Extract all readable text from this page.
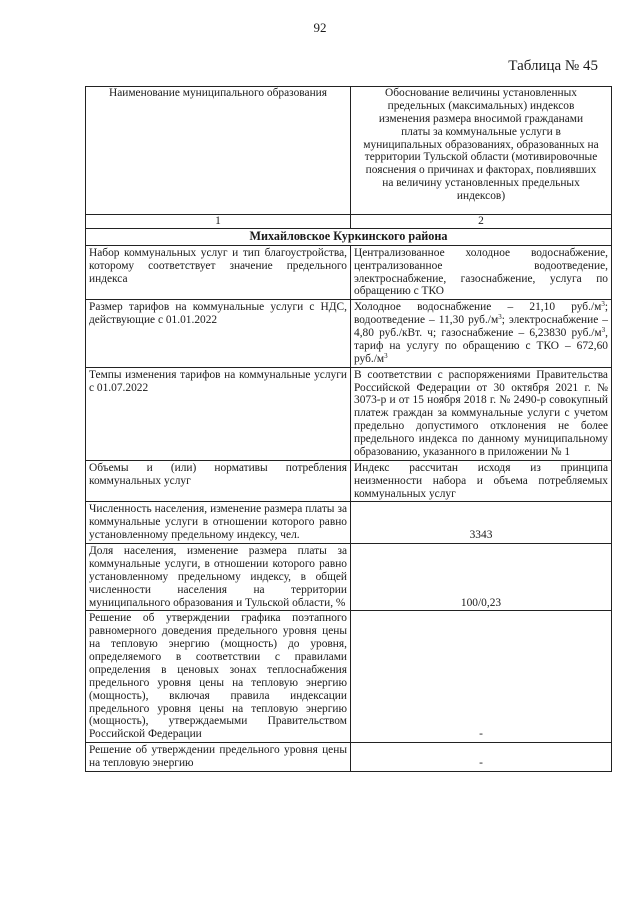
92
Таблица № 45
Наименование муниципального образования	Обоснование величины установленных предельных (максимальных) индексов изменения размера вносимой гражданами платы за коммунальные услуги в муниципальных образованиях, образованных на территории Тульской области (мотивировочные пояснения о причинах и факторах, повлиявших на величину установленных предельных индексов)
1	2
Михайловское Куркинского района	
Набор коммунальных услуг и тип благоустройства, которому соответствует значение предельного индекса	Централизованное холодное водоснабжение, централизованное водоотведение, электроснабжение, газоснабжение, услуга по обращению с ТКО
Размер тарифов на коммунальные услуги с НДС, действующие с 01.01.2022	Холодное водоснабжение – 21,10 $руб./м^3$; водоотведение – 11,30 $руб./м^3$; электроснабжение – 4,80 руб./кВт. ч; газоснабжение – 6,23830 $руб./м^3$, тариф на услугу по обращению с ТКО – 672,60 $руб./м^3$
Темпы изменения тарифов на коммунальные услуги с 01.07.2022	В соответствии с распоряжениями Правительства Российской Федерации от 30 октября 2021 г. № 3073-р и от 15 ноября 2018 г. № 2490-р совокупный платеж граждан за коммунальные услуги с учетом предельно допустимого отклонения не более предельного индекса по данному муниципальному образованию, указанного в приложении № 1
Объемы и (или) нормативы потребления коммунальных услуг	Индекс рассчитан исходя из принципа неизменности набора и объема потребляемых коммунальных услуг
Численность населения, изменение размера платы за коммунальные услуги в отношении которого равно установленному предельному индексу, чел.	3343

Доля населения, изменение размера платы за коммунальные услуги, в отношении которого равно установленному предельному индексу, в общей численности населения на территории муниципального образования и Тульской области, %	100/0,23

Решение об утверждении графика поэтапного равномерного доведения предельного уровня цены на тепловую энергию (мощность) до уровня, определяемого в соответствии с правилами определения в ценовых зонах теплоснабжения предельного уровня цены на тепловую энергию (мощность), включая правила индексации предельного уровня цены на тепловую энергию (мощность), утверждаемыми Правительством Российской Федерации	-

Решение об утверждении предельного уровня цены на тепловую энергию	-
